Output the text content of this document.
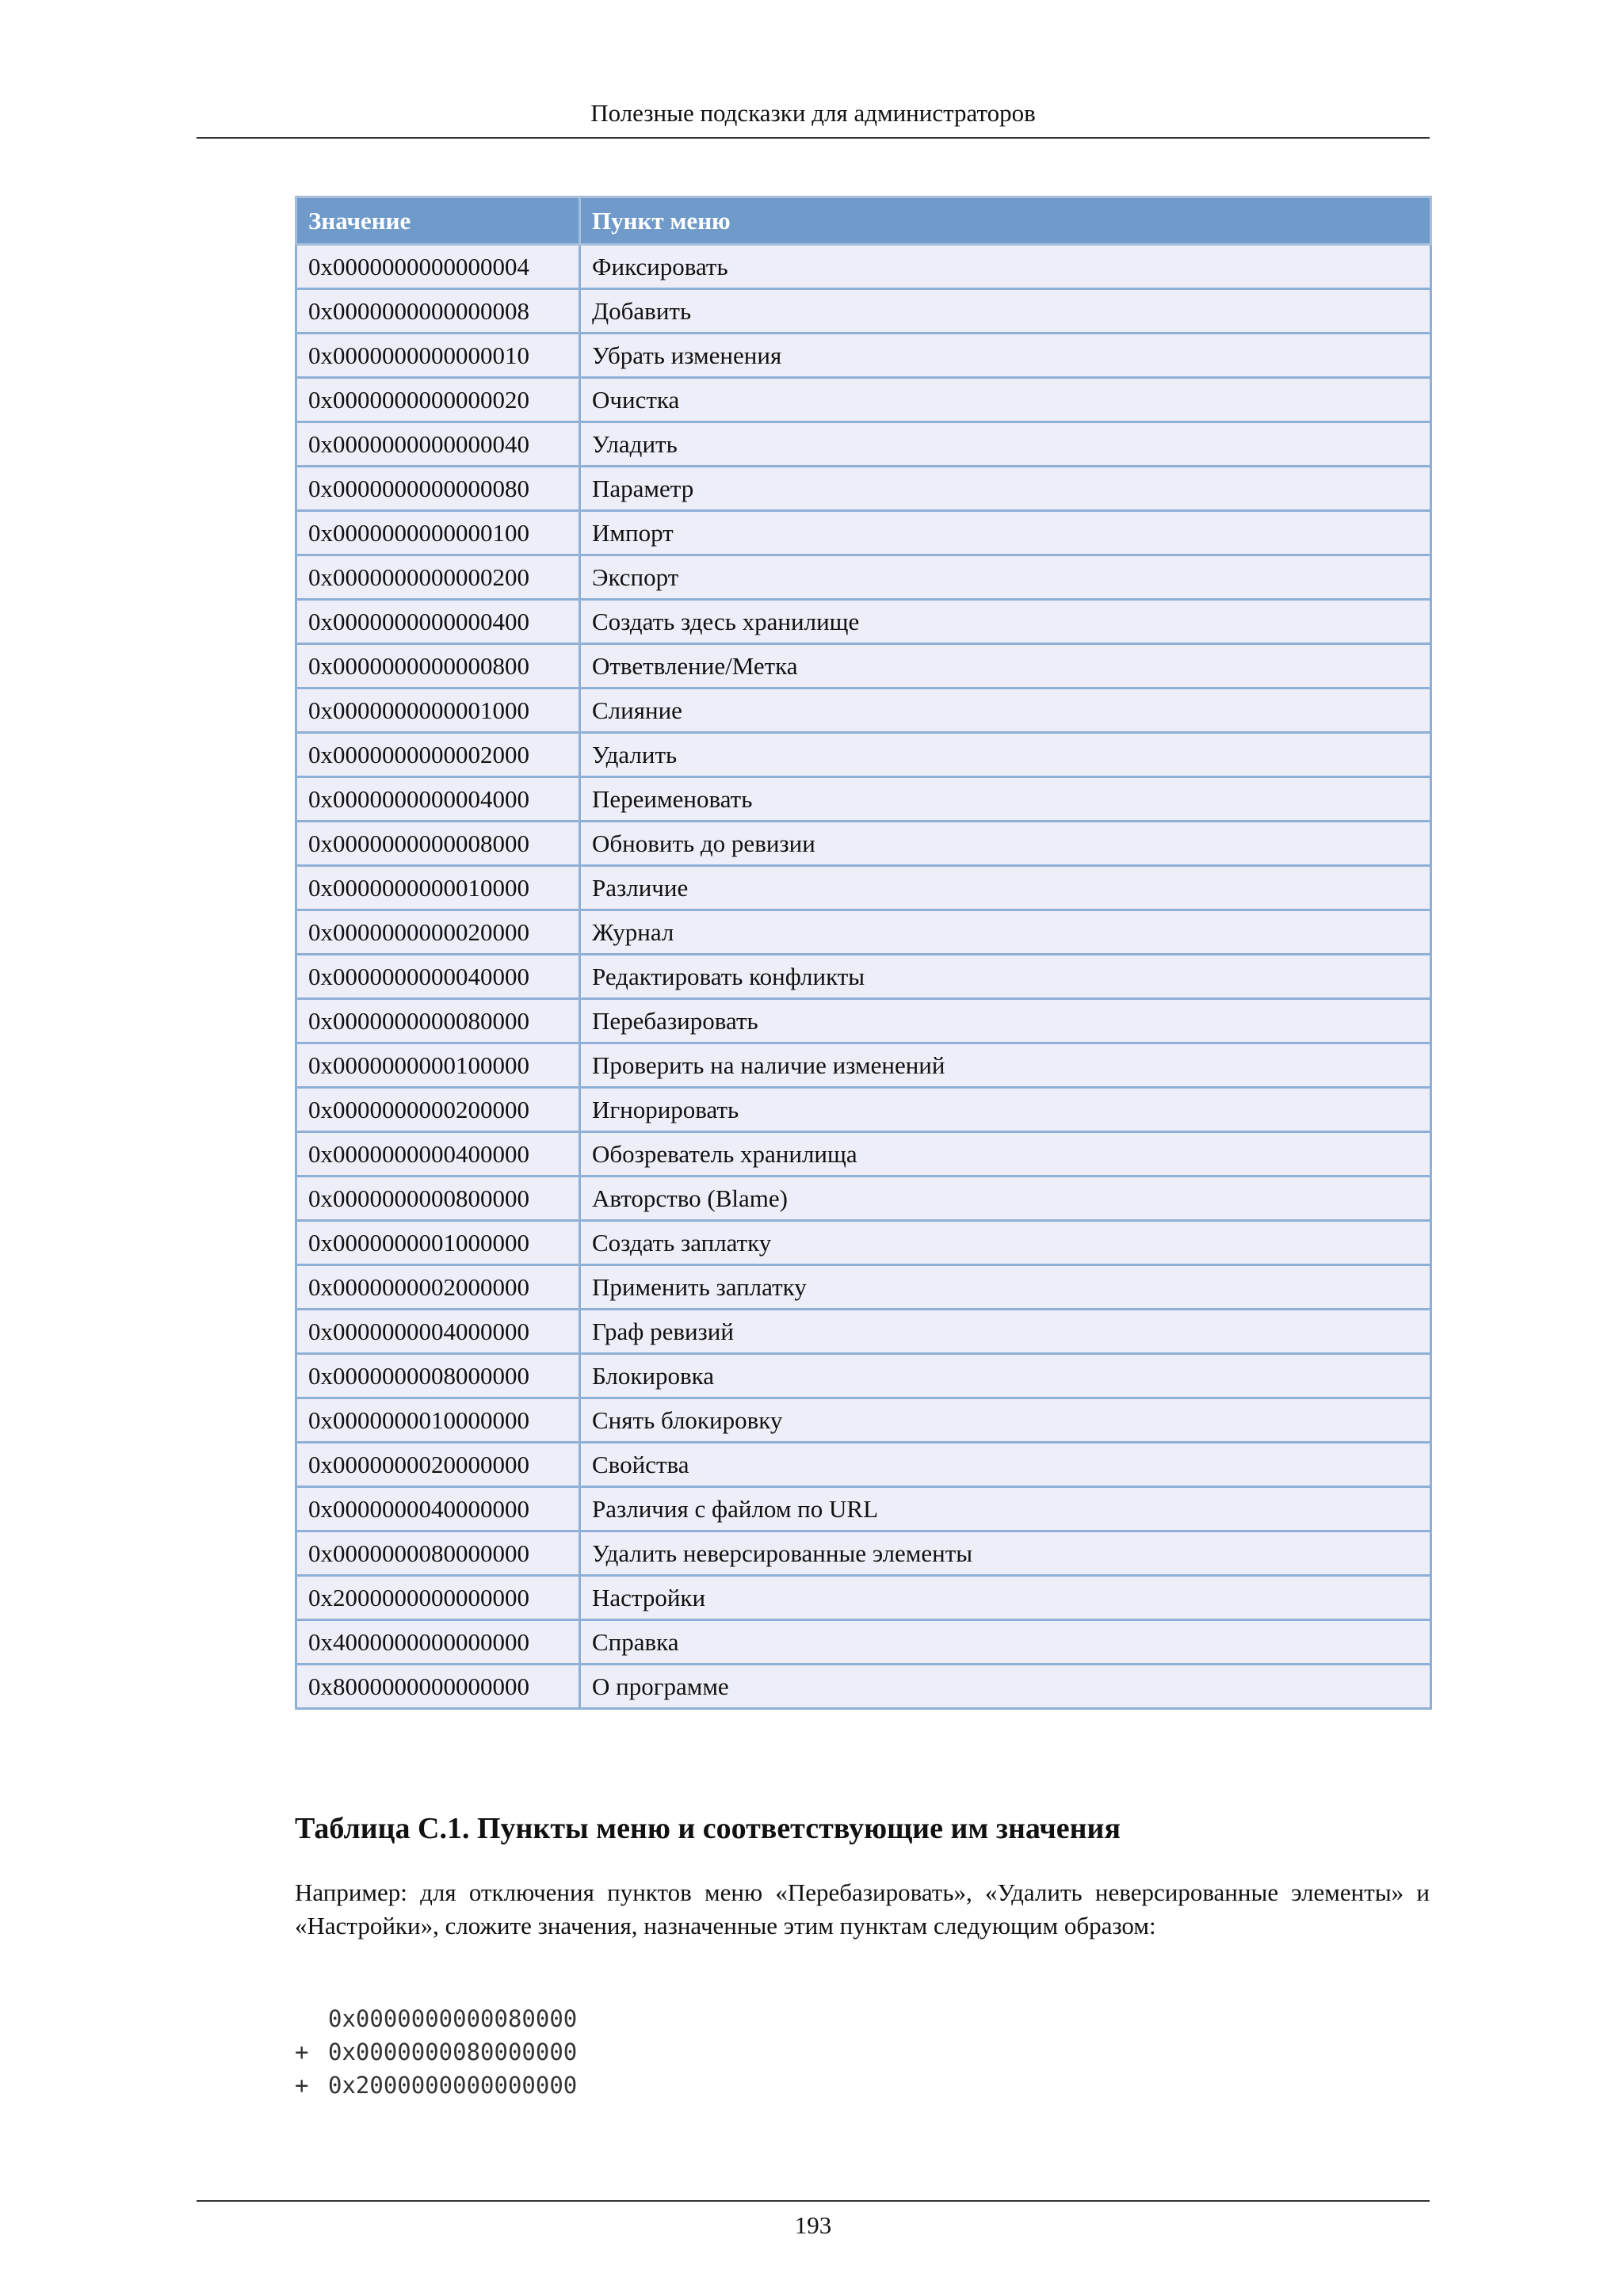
Полезные подсказки для администраторов
Значение	Пункт меню
0x0000000000000004	Фиксировать
0x0000000000000008	Добавить
0x0000000000000010	Убрать изменения
0x0000000000000020	Очистка
0x0000000000000040	Уладить
0x0000000000000080	Параметр
0x0000000000000100	Импорт
0x0000000000000200	Экспорт
0x0000000000000400	Создать здесь хранилище
0x0000000000000800	Ответвление/Метка
0x0000000000001000	Слияние
0x0000000000002000	Удалить
0x0000000000004000	Переименовать
0x0000000000008000	Обновить до ревизии
0x0000000000010000	Различие
0x0000000000020000	Журнал
0x0000000000040000	Редактировать конфликты
0x0000000000080000	Перебазировать
0x0000000000100000	Проверить на наличие изменений
0x0000000000200000	Игнорировать
0x0000000000400000	Обозреватель хранилища
0x0000000000800000	Авторство (Blame)
0x0000000001000000	Создать заплатку
0x0000000002000000	Применить заплатку
0x0000000004000000	Граф ревизий
0x0000000008000000	Блокировка
0x0000000010000000	Снять блокировку
0x0000000020000000	Свойства
0x0000000040000000	Различия с файлом по URL
0x0000000080000000	Удалить неверсированные элементы
0x2000000000000000	Настройки
0x4000000000000000	Справка
0x8000000000000000	О программе
Таблица C.1. Пункты меню и соответствующие им значения
Например: для отключения пунктов меню «Перебазировать», «Удалить неверсированные элементы» и «Настройки», сложите значения, назначенные этим пунктам следующим образом:
0x0000000000080000
+ 0x0000000080000000
+ 0x2000000000000000
193
